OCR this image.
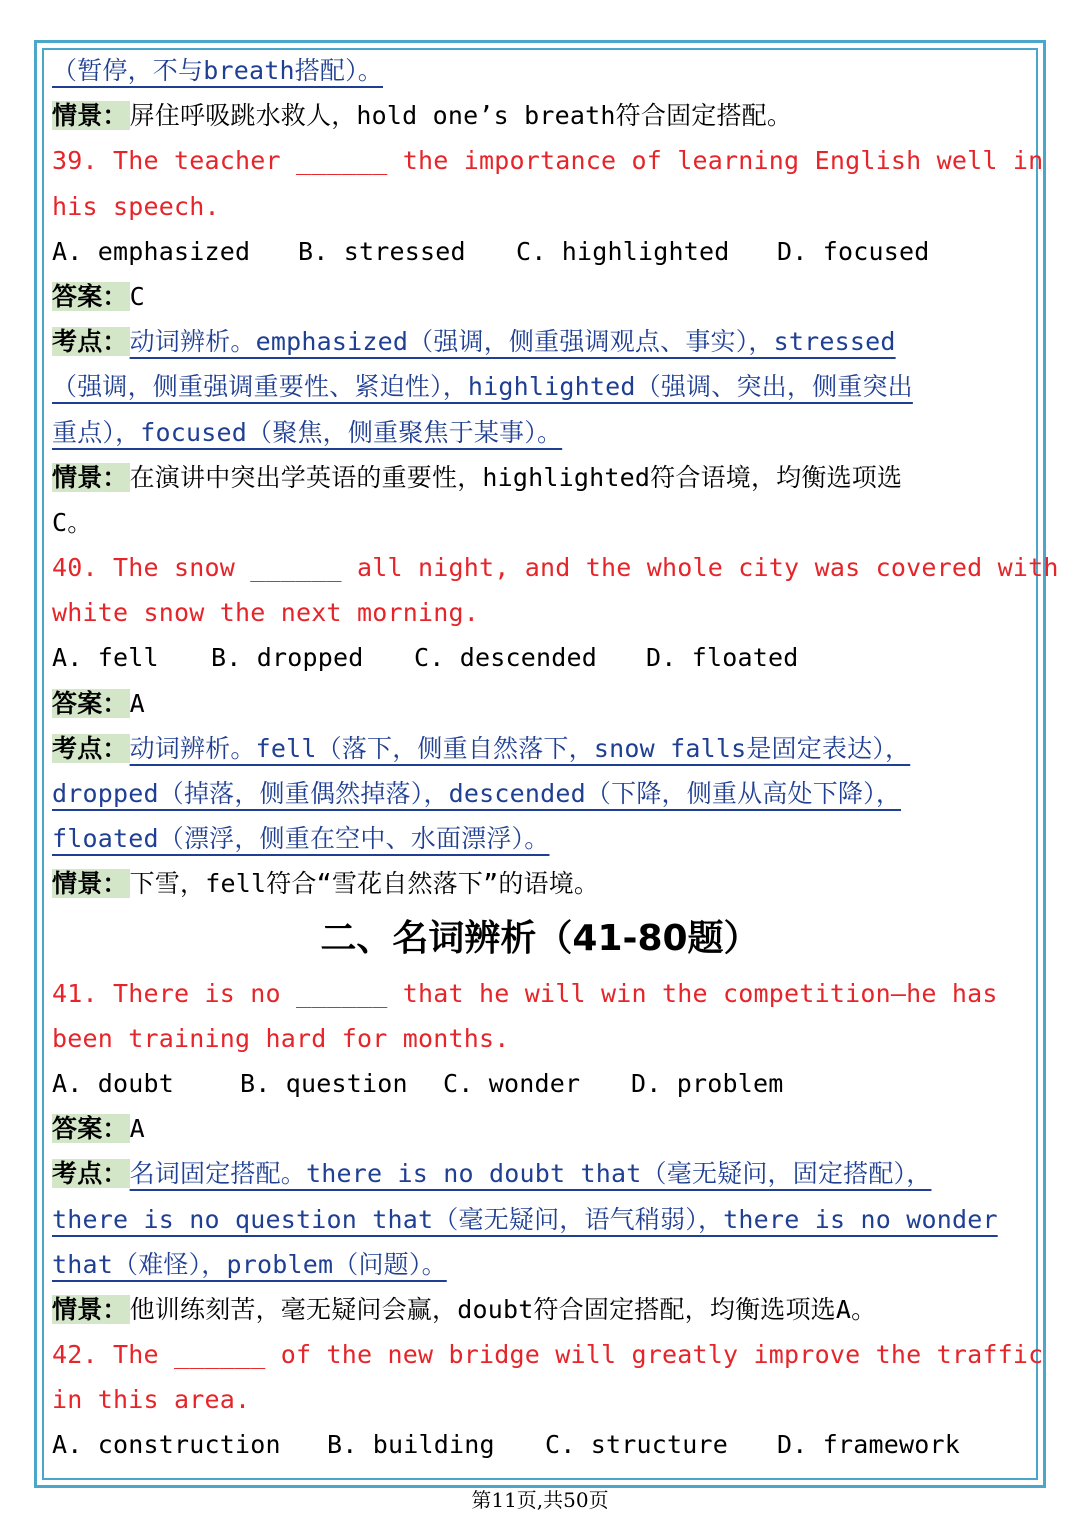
（暂停，不与breath搭配）。
情景：屏住呼吸跳水救人，hold one’s breath符合固定搭配。
39. The teacher ______ the importance of learning English well in
his speech.
A. emphasized B. stressed C. highlighted D. focused
答案：C
考点：动词辨析。emphasized（强调，侧重强调观点、事实），stressed
（强调，侧重强调重要性、紧迫性），highlighted（强调、突出，侧重突出
重点），focused（聚焦，侧重聚焦于某事）。
情景：在演讲中突出学英语的重要性，highlighted符合语境，均衡选项选
C。
40. The snow ______ all night, and the whole city was covered with
white snow the next morning.
A. fell B. dropped C. descended D. floated
答案：A
考点：动词辨析。fell（落下，侧重自然落下，snow falls是固定表达），
dropped（掉落，侧重偶然掉落），descended（下降，侧重从高处下降），
floated（漂浮，侧重在空中、水面漂浮）。
情景：下雪，fell符合“雪花自然落下”的语境。
二、名词辨析（41-80题）
41. There is no ______ that he will win the competition—he has
been training hard for months.
A. doubt	B. question C. wonder D. problem
答案：A
考点：名词固定搭配。there is no doubt that（毫无疑问，固定搭配），
there is no question that（毫无疑问，语气稍弱），there is no wonder
that（难怪），problem（问题）。
情景：他训练刻苦，毫无疑问会赢，doubt符合固定搭配，均衡选项选A。
42. The ______ of the new bridge will greatly improve the traffic
in this area.
A. construction B. building C. structure D. framework
第11页,共50页
